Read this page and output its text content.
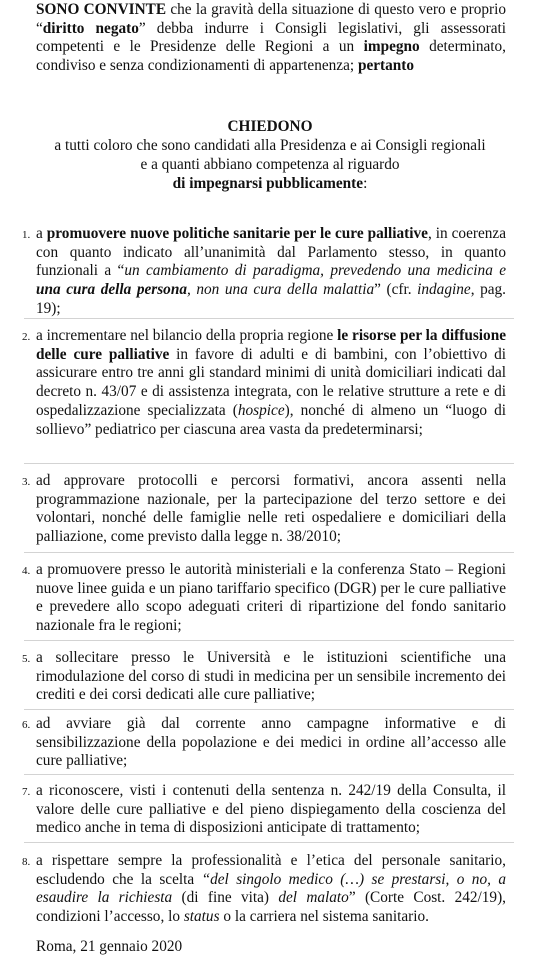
SONO CONVINTE che la gravità della situazione di questo vero e proprio “diritto negato” debba indurre i Consigli legislativi, gli assessorati competenti e le Presidenze delle Regioni a un impegno determinato, condiviso e senza condizionamenti di appartenenza; pertanto

CHIEDONO
a tutti coloro che sono candidati alla Presidenza e ai Consigli regionali
e a quanti abbiano competenza al riguardo
di impegnarsi pubblicamente:
1. a promuovere nuove politiche sanitarie per le cure palliative, in coerenza con quanto indicato all’unanimità dal Parlamento stesso, in quanto funzionali a “un cambiamento di paradigma, prevedendo una medicina e una cura della persona, non una cura della malattia” (cfr. indagine, pag. 19);

2. a incrementare nel bilancio della propria regione le risorse per la diffusione delle cure palliative in favore di adulti e di bambini, con l’obiettivo di assicurare entro tre anni gli standard minimi di unità domiciliari indicati dal decreto n. 43/07 e di assistenza integrata, con le relative strutture a rete e di ospedalizzazione specializzata (hospice), nonché di almeno un “luogo di sollievo” pediatrico per ciascuna area vasta da predeterminarsi;

3. ad approvare protocolli e percorsi formativi, ancora assenti nella programmazione nazionale, per la partecipazione del terzo settore e dei volontari, nonché delle famiglie nelle reti ospedaliere e domiciliari della palliazione, come previsto dalla legge n. 38/2010;

4. a promuovere presso le autorità ministeriali e la conferenza Stato – Regioni nuove linee guida e un piano tariffario specifico (DGR) per le cure palliative e prevedere allo scopo adeguati criteri di ripartizione del fondo sanitario nazionale fra le regioni;

5. a sollecitare presso le Università e le istituzioni scientifiche una rimodulazione del corso di studi in medicina per un sensibile incremento dei crediti e dei corsi dedicati alle cure palliative;

6. ad avviare già dal corrente anno campagne informative e di sensibilizzazione della popolazione e dei medici in ordine all’accesso alle cure palliative;

7. a riconoscere, visti i contenuti della sentenza n. 242/19 della Consulta, il valore delle cure palliative e del pieno dispiegamento della coscienza del medico anche in tema di disposizioni anticipate di trattamento;

8. a rispettare sempre la professionalità e l’etica del personale sanitario, escludendo che la scelta “del singolo medico (…) se prestarsi, o no, a esaudire la richiesta (di fine vita) del malato” (Corte Cost. 242/19), condizioni l’accesso, lo status o la carriera nel sistema sanitario.

Roma, 21 gennaio 2020
